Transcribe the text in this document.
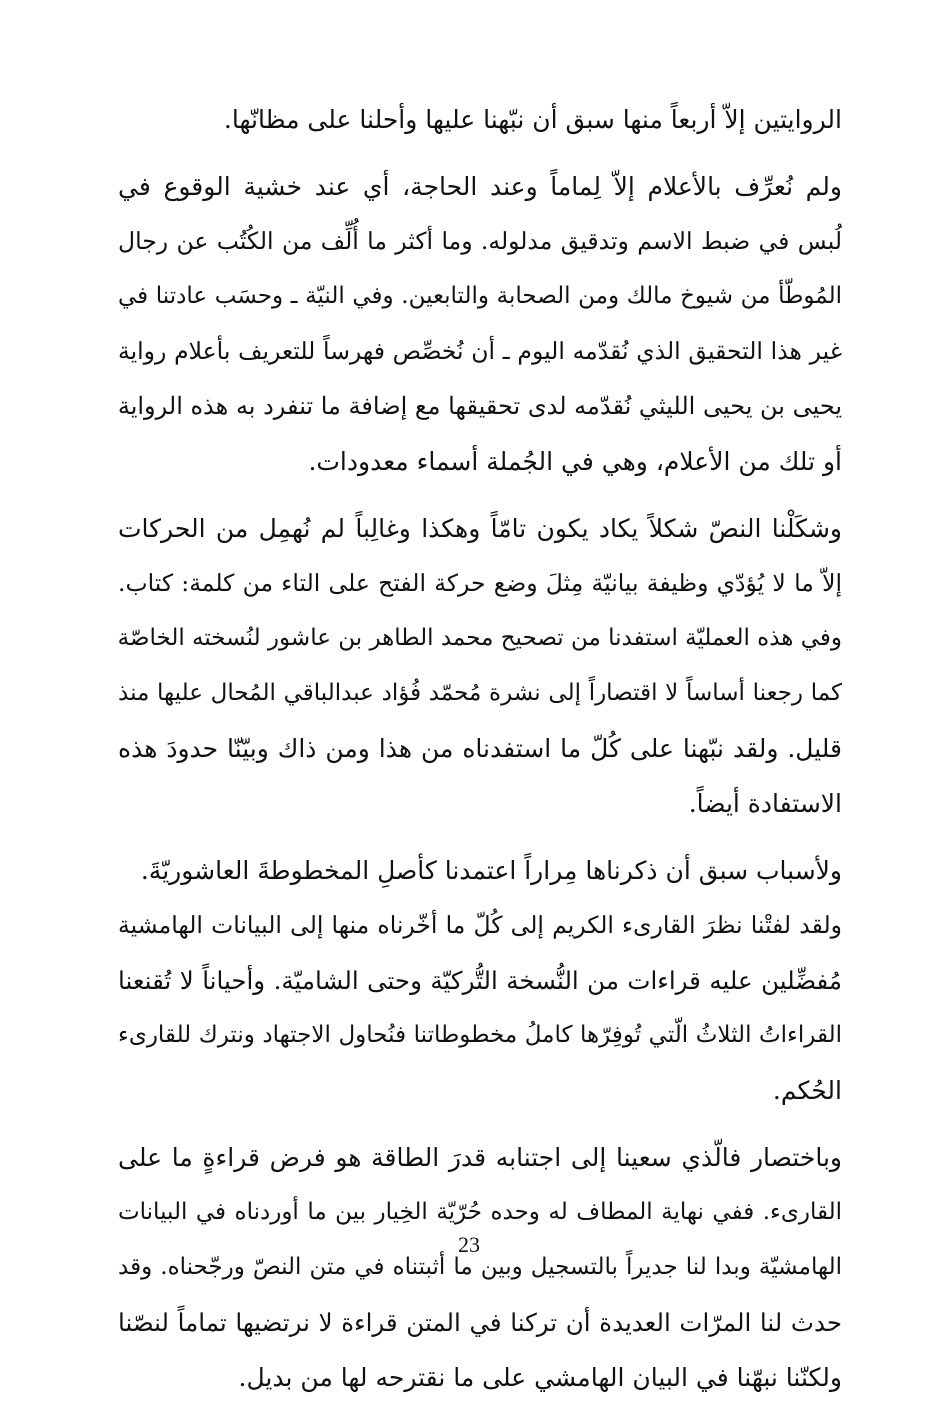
الروايتين إلاّ أربعاً منها سبق أن نبّهنا عليها وأحلنا على مظانّها.
ولم نُعرِّف بالأعلام إلاّ لِماماً وعند الحاجة، أي عند خشية الوقوع في
لُبس في ضبط الاسم وتدقيق مدلوله. وما أكثر ما أُلِّف من الكُتُب عن رجال
المُوطّأ من شيوخ مالك ومن الصحابة والتابعين. وفي النيّة ـ وحسَب عادتنا في
غير هذا التحقيق الذي نُقدّمه اليوم ـ أن نُخصِّص فهرساً للتعريف بأعلام رواية
يحيى بن يحيى الليثي نُقدّمه لدى تحقيقها مع إضافة ما تنفرد به هذه الرواية
أو تلك من الأعلام، وهي في الجُملة أسماء معدودات.
وشكَلْنا النصّ شكلاً يكاد يكون تامّاً وهكذا وغالِباً لم نُهمِل من الحركات
إلاّ ما لا يُؤدّي وظيفة بيانيّة مِثلَ وضع حركة الفتح على التاء من كلمة: كتاب.
وفي هذه العمليّة استفدنا من تصحيح محمد الطاهر بن عاشور لنُسخته الخاصّة
كما رجعنا أساساً لا اقتصاراً إلى نشرة مُحمّد فُؤاد عبدالباقي المُحال عليها منذ
قليل. ولقد نبّهنا على كُلّ ما استفدناه من هذا ومن ذاك وبيّنّا حدودَ هذه
الاستفادة أيضاً.
ولأسباب سبق أن ذكرناها مِراراً اعتمدنا كأصلِ المخطوطةَ العاشوريّةَ.
ولقد لفتْنا نظرَ القارىء الكريم إلى كُلّ ما أخّرناه منها إلى البيانات الهامشية
مُفضِّلين عليه قراءات من النُّسخة التُّركيّة وحتى الشاميّة. وأحياناً لا تُقنعنا
القراءاتُ الثلاثُ الّتي تُوفِرّها كاملُ مخطوطاتنا فنُحاول الاجتهاد ونترك للقارىء
الحُكم.
وباختصار فالّذي سعينا إلى اجتنابه قدرَ الطاقة هو فرض قراءةٍ ما على
القارىء. ففي نهاية المطاف له وحده حُرّيّة الخِيار بين ما أوردناه في البيانات
الهامشيّة وبدا لنا جديراً بالتسجيل وبين ما أثبتناه في متن النصّ ورجّحناه. وقد
حدث لنا المرّات العديدة أن تركنا في المتن قراءة لا نرتضيها تماماً لنصّنا
ولكنّنا نبهّنا في البيان الهامشي على ما نقترحه لها من بديل.
23
